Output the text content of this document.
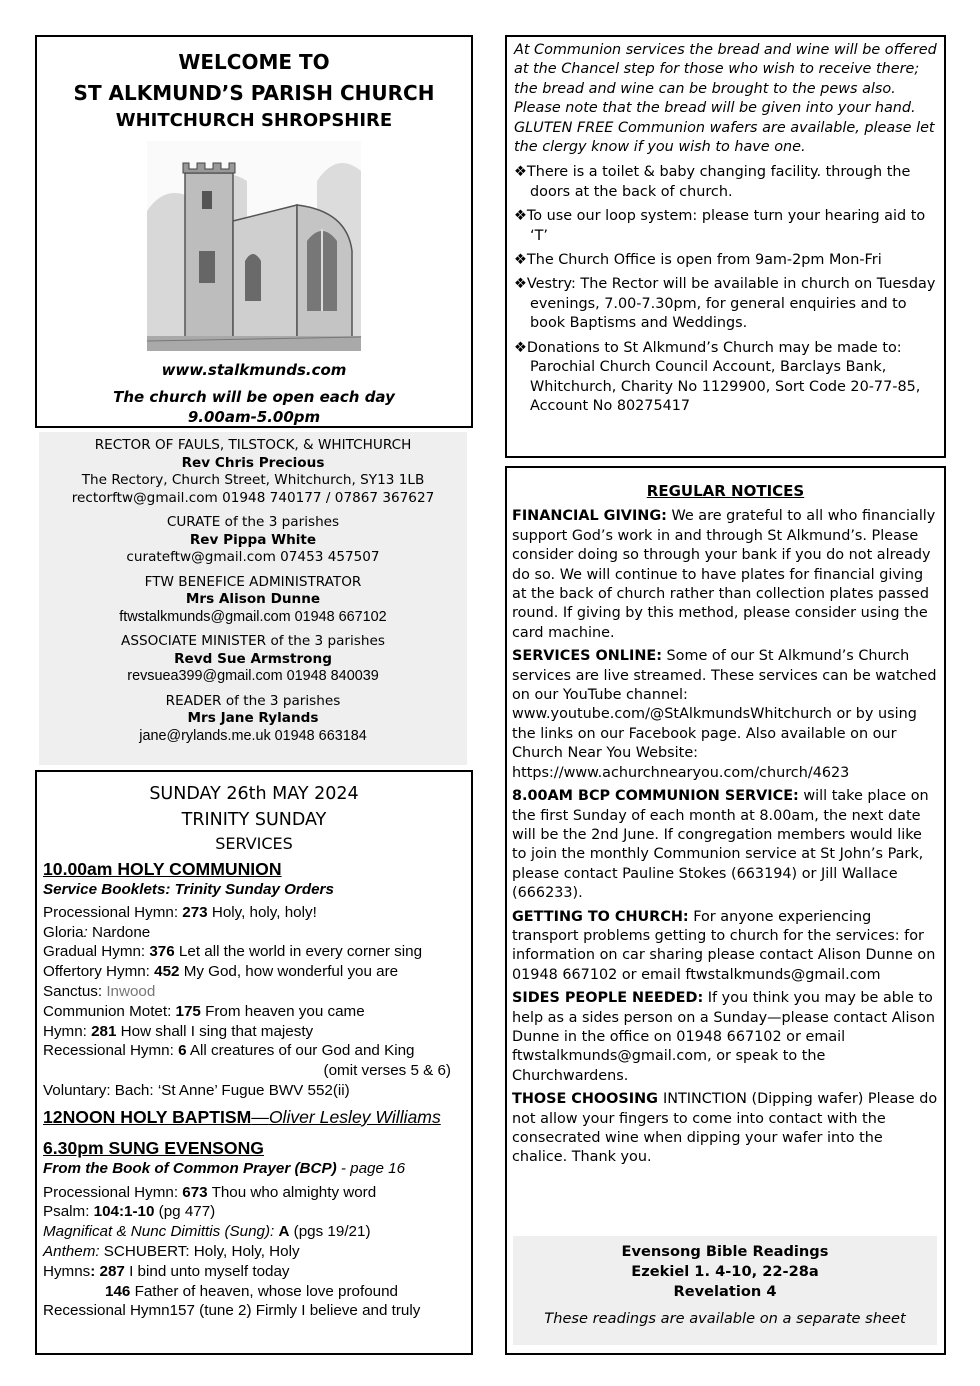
WELCOME TO
ST ALKMUND’S PARISH CHURCH
WHITCHURCH SHROPSHIRE
www.stalkmunds.com
The church will be open each day
9.00am-5.00pm
RECTOR OF FAULS, TILSTOCK, & WHITCHURCH
Rev Chris Precious
The Rectory, Church Street, Whitchurch, SY13 1LB
rectorftw@gmail.com 01948 740177 / 07867 367627
CURATE of the 3 parishes
Rev Pippa White
curateftw@gmail.com 07453 457507
FTW BENEFICE ADMINISTRATOR
Mrs Alison Dunne
ftwstalkmunds@gmail.com 01948 667102
ASSOCIATE MINISTER of the 3 parishes
Revd Sue Armstrong
revsuea399@gmail.com 01948 840039
READER of the 3 parishes
Mrs Jane Rylands
jane@rylands.me.uk 01948 663184
SUNDAY 26th MAY 2024
TRINITY SUNDAY
SERVICES
10.00am HOLY COMMUNION
Service Booklets: Trinity Sunday Orders
Processional Hymn: 273 Holy, holy, holy!
Gloria: Nardone
Gradual Hymn: 376 Let all the world in every corner sing
Offertory Hymn: 452 My God, how wonderful you are
Sanctus: Inwood
Communion Motet: 175 From heaven you came
Hymn: 281 How shall I sing that majesty
Recessional Hymn: 6 All creatures of our God and King
(omit verses 5 & 6)
Voluntary: Bach: ‘St Anne’ Fugue BWV 552(ii)
12NOON HOLY BAPTISM—Oliver Lesley Williams
6.30pm SUNG EVENSONG
From the Book of Common Prayer (BCP) - page 16
Processional Hymn: 673 Thou who almighty word
Psalm: 104:1-10 (pg 477)
Magnificat & Nunc Dimittis (Sung): A (pgs 19/21)
Anthem: SCHUBERT: Holy, Holy, Holy
Hymns: 287 I bind unto myself today
146 Father of heaven, whose love profound
Recessional Hymn157 (tune 2) Firmly I believe and truly
At Communion services the bread and wine will be offered at the Chancel step for those who wish to receive there; the bread and wine can be brought to the pews also. Please note that the bread will be given into your hand. GLUTEN FREE Communion wafers are available, please let the clergy know if you wish to have one.
❖There is a toilet & baby changing facility. through the doors at the back of church.
❖To use our loop system: please turn your hearing aid to ‘T’
❖The Church Office is open from 9am-2pm Mon-Fri
❖Vestry: The Rector will be available in church on Tuesday evenings, 7.00-7.30pm, for general enquiries and to book Baptisms and Weddings.
❖Donations to St Alkmund’s Church may be made to: Parochial Church Council Account, Barclays Bank, Whitchurch, Charity No 1129900, Sort Code 20-77-85, Account No 80275417
REGULAR NOTICES
FINANCIAL GIVING: We are grateful to all who financially support God’s work in and through St Alkmund’s. Please consider doing so through your bank if you do not already do so. We will continue to have plates for financial giving at the back of church rather than collection plates passed round. If giving by this method, please consider using the card machine.
SERVICES ONLINE: Some of our St Alkmund’s Church services are live streamed. These services can be watched on our YouTube channel: www.youtube.com/@StAlkmundsWhitchurch or by using the links on our Facebook page. Also available on our Church Near You Website: https://www.achurchnearyou.com/church/4623
8.00AM BCP COMMUNION SERVICE: will take place on the first Sunday of each month at 8.00am, the next date will be the 2nd June. If congregation members would like to join the monthly Communion service at St John’s Park, please contact Pauline Stokes (663194) or Jill Wallace (666233).
GETTING TO CHURCH: For anyone experiencing transport problems getting to church for the services: for information on car sharing please contact Alison Dunne on 01948 667102 or email ftwstalkmunds@gmail.com
SIDES PEOPLE NEEDED: If you think you may be able to help as a sides person on a Sunday—please contact Alison Dunne in the office on 01948 667102 or email ftwstalkmunds@gmail.com, or speak to the Churchwardens.
THOSE CHOOSING INTINCTION (Dipping wafer) Please do not allow your fingers to come into contact with the consecrated wine when dipping your wafer into the chalice. Thank you.
Evensong Bible Readings
Ezekiel 1. 4-10, 22-28a
Revelation 4
These readings are available on a separate sheet
